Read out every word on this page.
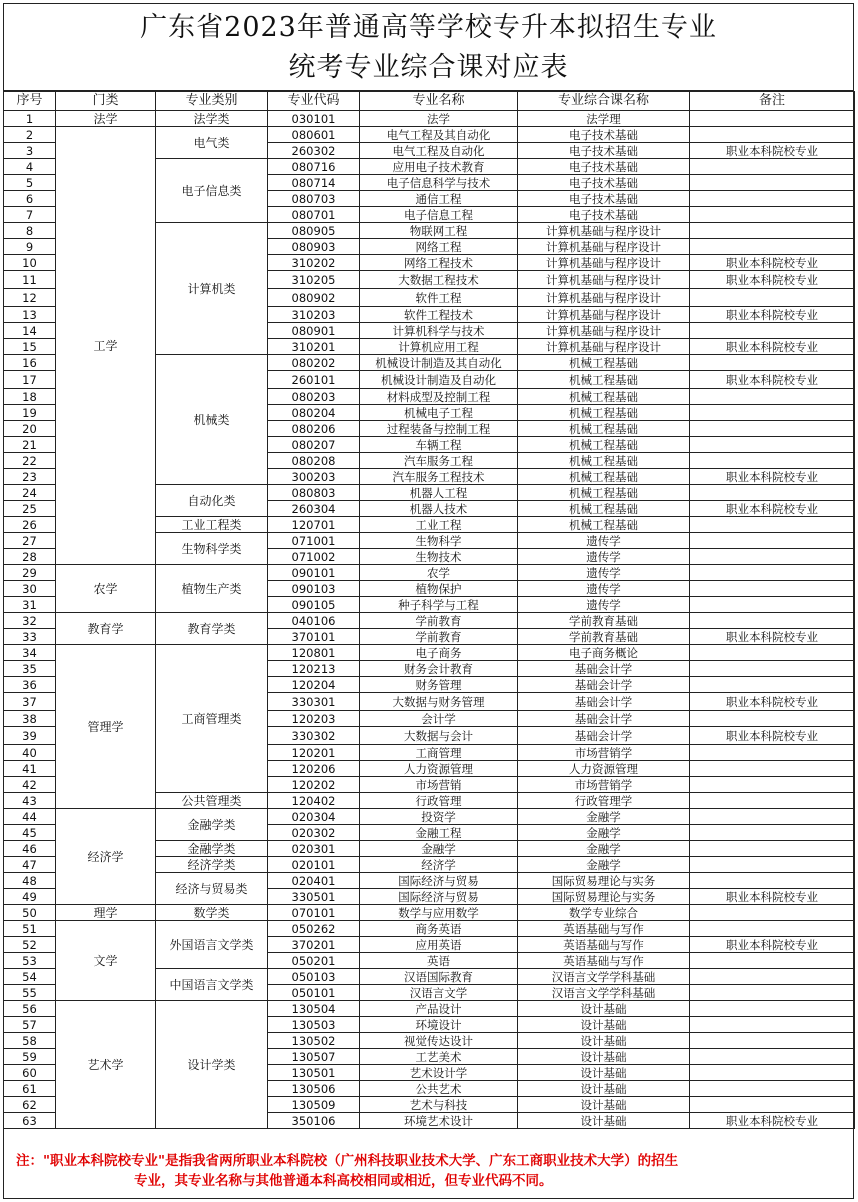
广东省2023年普通高等学校专升本拟招生专业
统考专业综合课对应表
序号	门类	专业类别	专业代码	专业名称	专业综合课名称	备注
1	法学	法学类	030101	法学	法学理	
2	工学	电气类	080601	电气工程及其自动化	电子技术基础	
3			260302	电气工程及自动化	电子技术基础	职业本科院校专业
4		电子信息类	080716	应用电子技术教育	电子技术基础	
5			080714	电子信息科学与技术	电子技术基础	
6			080703	通信工程	电子技术基础	
7			080701	电子信息工程	电子技术基础	
8		计算机类	080905	物联网工程	计算机基础与程序设计	
9			080903	网络工程	计算机基础与程序设计	
10			310202	网络工程技术	计算机基础与程序设计	职业本科院校专业
11			310205	大数据工程技术	计算机基础与程序设计	职业本科院校专业
12			080902	软件工程	计算机基础与程序设计	
13			310203	软件工程技术	计算机基础与程序设计	职业本科院校专业
14			080901	计算机科学与技术	计算机基础与程序设计	
15			310201	计算机应用工程	计算机基础与程序设计	职业本科院校专业
16		机械类	080202	机械设计制造及其自动化	机械工程基础	
17			260101	机械设计制造及自动化	机械工程基础	职业本科院校专业
18			080203	材料成型及控制工程	机械工程基础	
19			080204	机械电子工程	机械工程基础	
20			080206	过程装备与控制工程	机械工程基础	
21			080207	车辆工程	机械工程基础	
22			080208	汽车服务工程	机械工程基础	
23			300203	汽车服务工程技术	机械工程基础	职业本科院校专业
24		自动化类	080803	机器人工程	机械工程基础	
25			260304	机器人技术	机械工程基础	职业本科院校专业
26		工业工程类	120701	工业工程	机械工程基础	
27		生物科学类	071001	生物科学	遗传学	
28			071002	生物技术	遗传学	
29	农学	植物生产类	090101	农学	遗传学	
30			090103	植物保护	遗传学	
31			090105	种子科学与工程	遗传学	
32	教育学	教育学类	040106	学前教育	学前教育基础	
33			370101	学前教育	学前教育基础	职业本科院校专业
34	管理学	工商管理类	120801	电子商务	电子商务概论	
35			120213	财务会计教育	基础会计学	
36			120204	财务管理	基础会计学	
37			330301	大数据与财务管理	基础会计学	职业本科院校专业
38			120203	会计学	基础会计学	
39			330302	大数据与会计	基础会计学	职业本科院校专业
40			120201	工商管理	市场营销学	
41			120206	人力资源管理	人力资源管理	
42			120202	市场营销	市场营销学	
43		公共管理类	120402	行政管理	行政管理学	
44	经济学	金融学类	020304	投资学	金融学	
45			020302	金融工程	金融学	
46		金融学类	020301	金融学	金融学	
47		经济学类	020101	经济学	金融学	
48		经济与贸易类	020401	国际经济与贸易	国际贸易理论与实务	
49			330501	国际经济与贸易	国际贸易理论与实务	职业本科院校专业
50	理学	数学类	070101	数学与应用数学	数学专业综合	
51	文学	外国语言文学类	050262	商务英语	英语基础与写作	
52			370201	应用英语	英语基础与写作	职业本科院校专业
53			050201	英语	英语基础与写作	
54		中国语言文学类	050103	汉语国际教育	汉语言文学学科基础	
55			050101	汉语言文学	汉语言文学学科基础	
56	艺术学	设计学类	130504	产品设计	设计基础	
57			130503	环境设计	设计基础	
58			130502	视觉传达设计	设计基础	
59			130507	工艺美术	设计基础	
60			130501	艺术设计学	设计基础	
61			130506	公共艺术	设计基础	
62			130509	艺术与科技	设计基础	
63			350106	环境艺术设计	设计基础	职业本科院校专业
注："职业本科院校专业"是指我省两所职业本科院校（广州科技职业技术大学、广东工商职业技术大学）的招生
专业，其专业名称与其他普通本科高校相同或相近，但专业代码不同。
